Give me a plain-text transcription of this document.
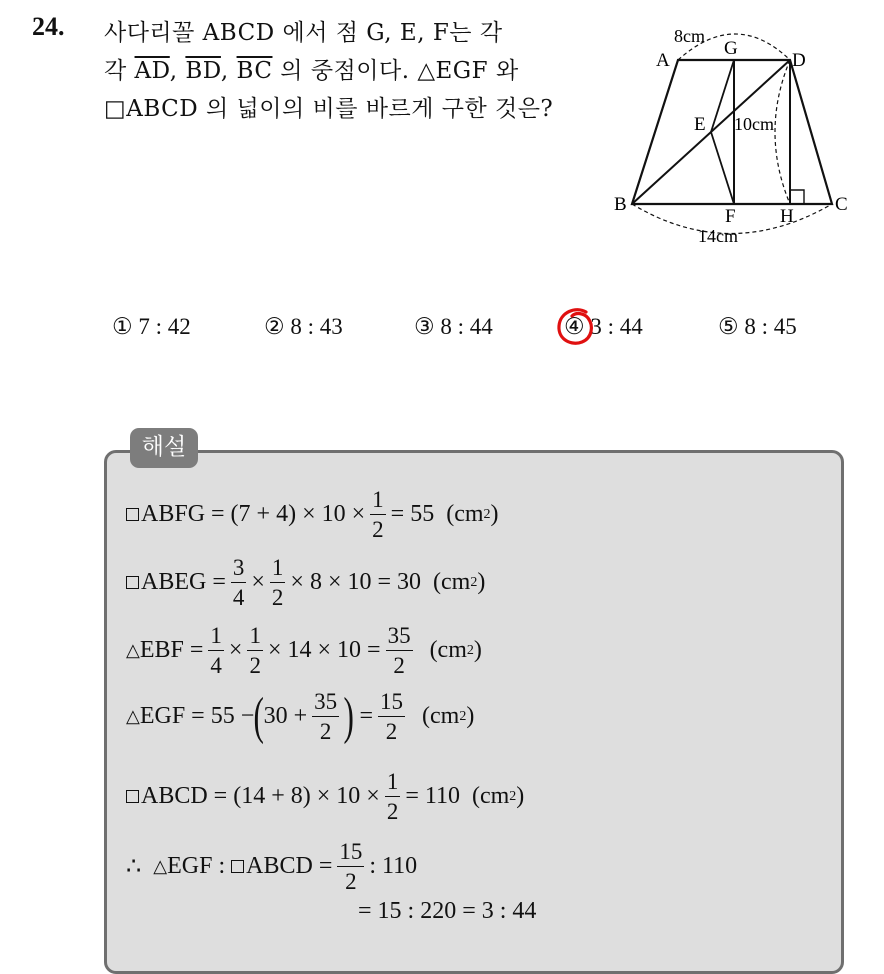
24. 사다리꼴 ABCD 에서 점 G, E, F는 각
각 $\overline{AD}$, $\overline{BD}$, $\overline{BC}$ 의 중점이다. △EGF 와
□ABCD 의 넓이의 비를 바르게 구한 것은?
A
G
D
E
B
F H
C
8cm
10cm
14cm
① 7 : 42	② 8 : 43	③ 8 : 44	④ 3 : 44	⑤ 8 : 45
해설
ABFG = $(7 + 4) \times 10 \times \frac{1}{2} = 55$
(cm 2 )
ABEG = $\frac{3}{4} \times \frac{1}{2} \times 8 \times 10 = 30$
(cm 2 )
△ EBF = $\frac{1}{4} \times \frac{1}{2} \times 14 \times 10 = \frac{35}{2}$
(cm 2 )
△ EGF = 55 − ( $30 + \frac{35}{2}$ )
= $\frac{15}{2}$
(cm 2 )
ABCD = $(14 + 8) \times 10 \times \frac{1}{2} = 110$
(cm 2 )
∴
△ EGF :
ABCD = $\frac{15}{2}$ : 110
= 15 : 220 = 3 : 44
